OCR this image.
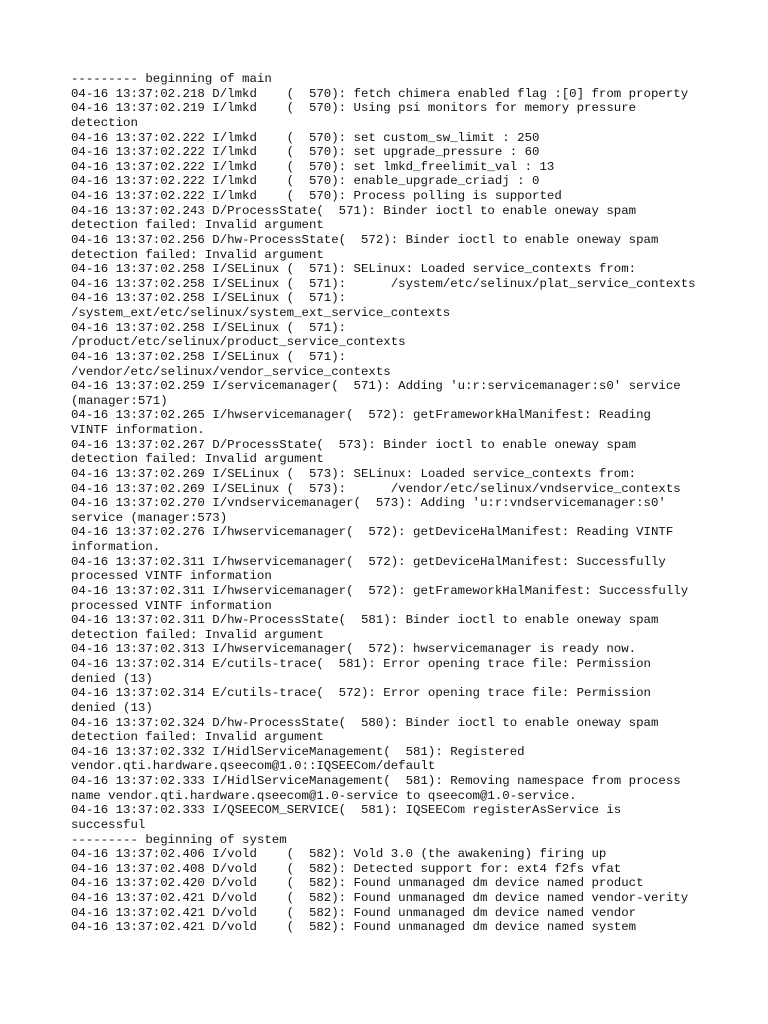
--------- beginning of main
04-16 13:37:02.218 D/lmkd    (  570): fetch chimera enabled flag :[0] from property
04-16 13:37:02.219 I/lmkd    (  570): Using psi monitors for memory pressure
detection
04-16 13:37:02.222 I/lmkd    (  570): set custom_sw_limit : 250
04-16 13:37:02.222 I/lmkd    (  570): set upgrade_pressure : 60
04-16 13:37:02.222 I/lmkd    (  570): set lmkd_freelimit_val : 13
04-16 13:37:02.222 I/lmkd    (  570): enable_upgrade_criadj : 0
04-16 13:37:02.222 I/lmkd    (  570): Process polling is supported
04-16 13:37:02.243 D/ProcessState(  571): Binder ioctl to enable oneway spam
detection failed: Invalid argument
04-16 13:37:02.256 D/hw-ProcessState(  572): Binder ioctl to enable oneway spam
detection failed: Invalid argument
04-16 13:37:02.258 I/SELinux (  571): SELinux: Loaded service_contexts from:
04-16 13:37:02.258 I/SELinux (  571):      /system/etc/selinux/plat_service_contexts
04-16 13:37:02.258 I/SELinux (  571):
/system_ext/etc/selinux/system_ext_service_contexts
04-16 13:37:02.258 I/SELinux (  571):
/product/etc/selinux/product_service_contexts
04-16 13:37:02.258 I/SELinux (  571):
/vendor/etc/selinux/vendor_service_contexts
04-16 13:37:02.259 I/servicemanager(  571): Adding 'u:r:servicemanager:s0' service
(manager:571)
04-16 13:37:02.265 I/hwservicemanager(  572): getFrameworkHalManifest: Reading
VINTF information.
04-16 13:37:02.267 D/ProcessState(  573): Binder ioctl to enable oneway spam
detection failed: Invalid argument
04-16 13:37:02.269 I/SELinux (  573): SELinux: Loaded service_contexts from:
04-16 13:37:02.269 I/SELinux (  573):      /vendor/etc/selinux/vndservice_contexts
04-16 13:37:02.270 I/vndservicemanager(  573): Adding 'u:r:vndservicemanager:s0'
service (manager:573)
04-16 13:37:02.276 I/hwservicemanager(  572): getDeviceHalManifest: Reading VINTF
information.
04-16 13:37:02.311 I/hwservicemanager(  572): getDeviceHalManifest: Successfully
processed VINTF information
04-16 13:37:02.311 I/hwservicemanager(  572): getFrameworkHalManifest: Successfully
processed VINTF information
04-16 13:37:02.311 D/hw-ProcessState(  581): Binder ioctl to enable oneway spam
detection failed: Invalid argument
04-16 13:37:02.313 I/hwservicemanager(  572): hwservicemanager is ready now.
04-16 13:37:02.314 E/cutils-trace(  581): Error opening trace file: Permission
denied (13)
04-16 13:37:02.314 E/cutils-trace(  572): Error opening trace file: Permission
denied (13)
04-16 13:37:02.324 D/hw-ProcessState(  580): Binder ioctl to enable oneway spam
detection failed: Invalid argument
04-16 13:37:02.332 I/HidlServiceManagement(  581): Registered
vendor.qti.hardware.qseecom@1.0::IQSEECom/default
04-16 13:37:02.333 I/HidlServiceManagement(  581): Removing namespace from process
name vendor.qti.hardware.qseecom@1.0-service to qseecom@1.0-service.
04-16 13:37:02.333 I/QSEECOM_SERVICE(  581): IQSEECom registerAsService is
successful
--------- beginning of system
04-16 13:37:02.406 I/vold    (  582): Vold 3.0 (the awakening) firing up
04-16 13:37:02.408 D/vold    (  582): Detected support for: ext4 f2fs vfat
04-16 13:37:02.420 D/vold    (  582): Found unmanaged dm device named product
04-16 13:37:02.421 D/vold    (  582): Found unmanaged dm device named vendor-verity
04-16 13:37:02.421 D/vold    (  582): Found unmanaged dm device named vendor
04-16 13:37:02.421 D/vold    (  582): Found unmanaged dm device named system
